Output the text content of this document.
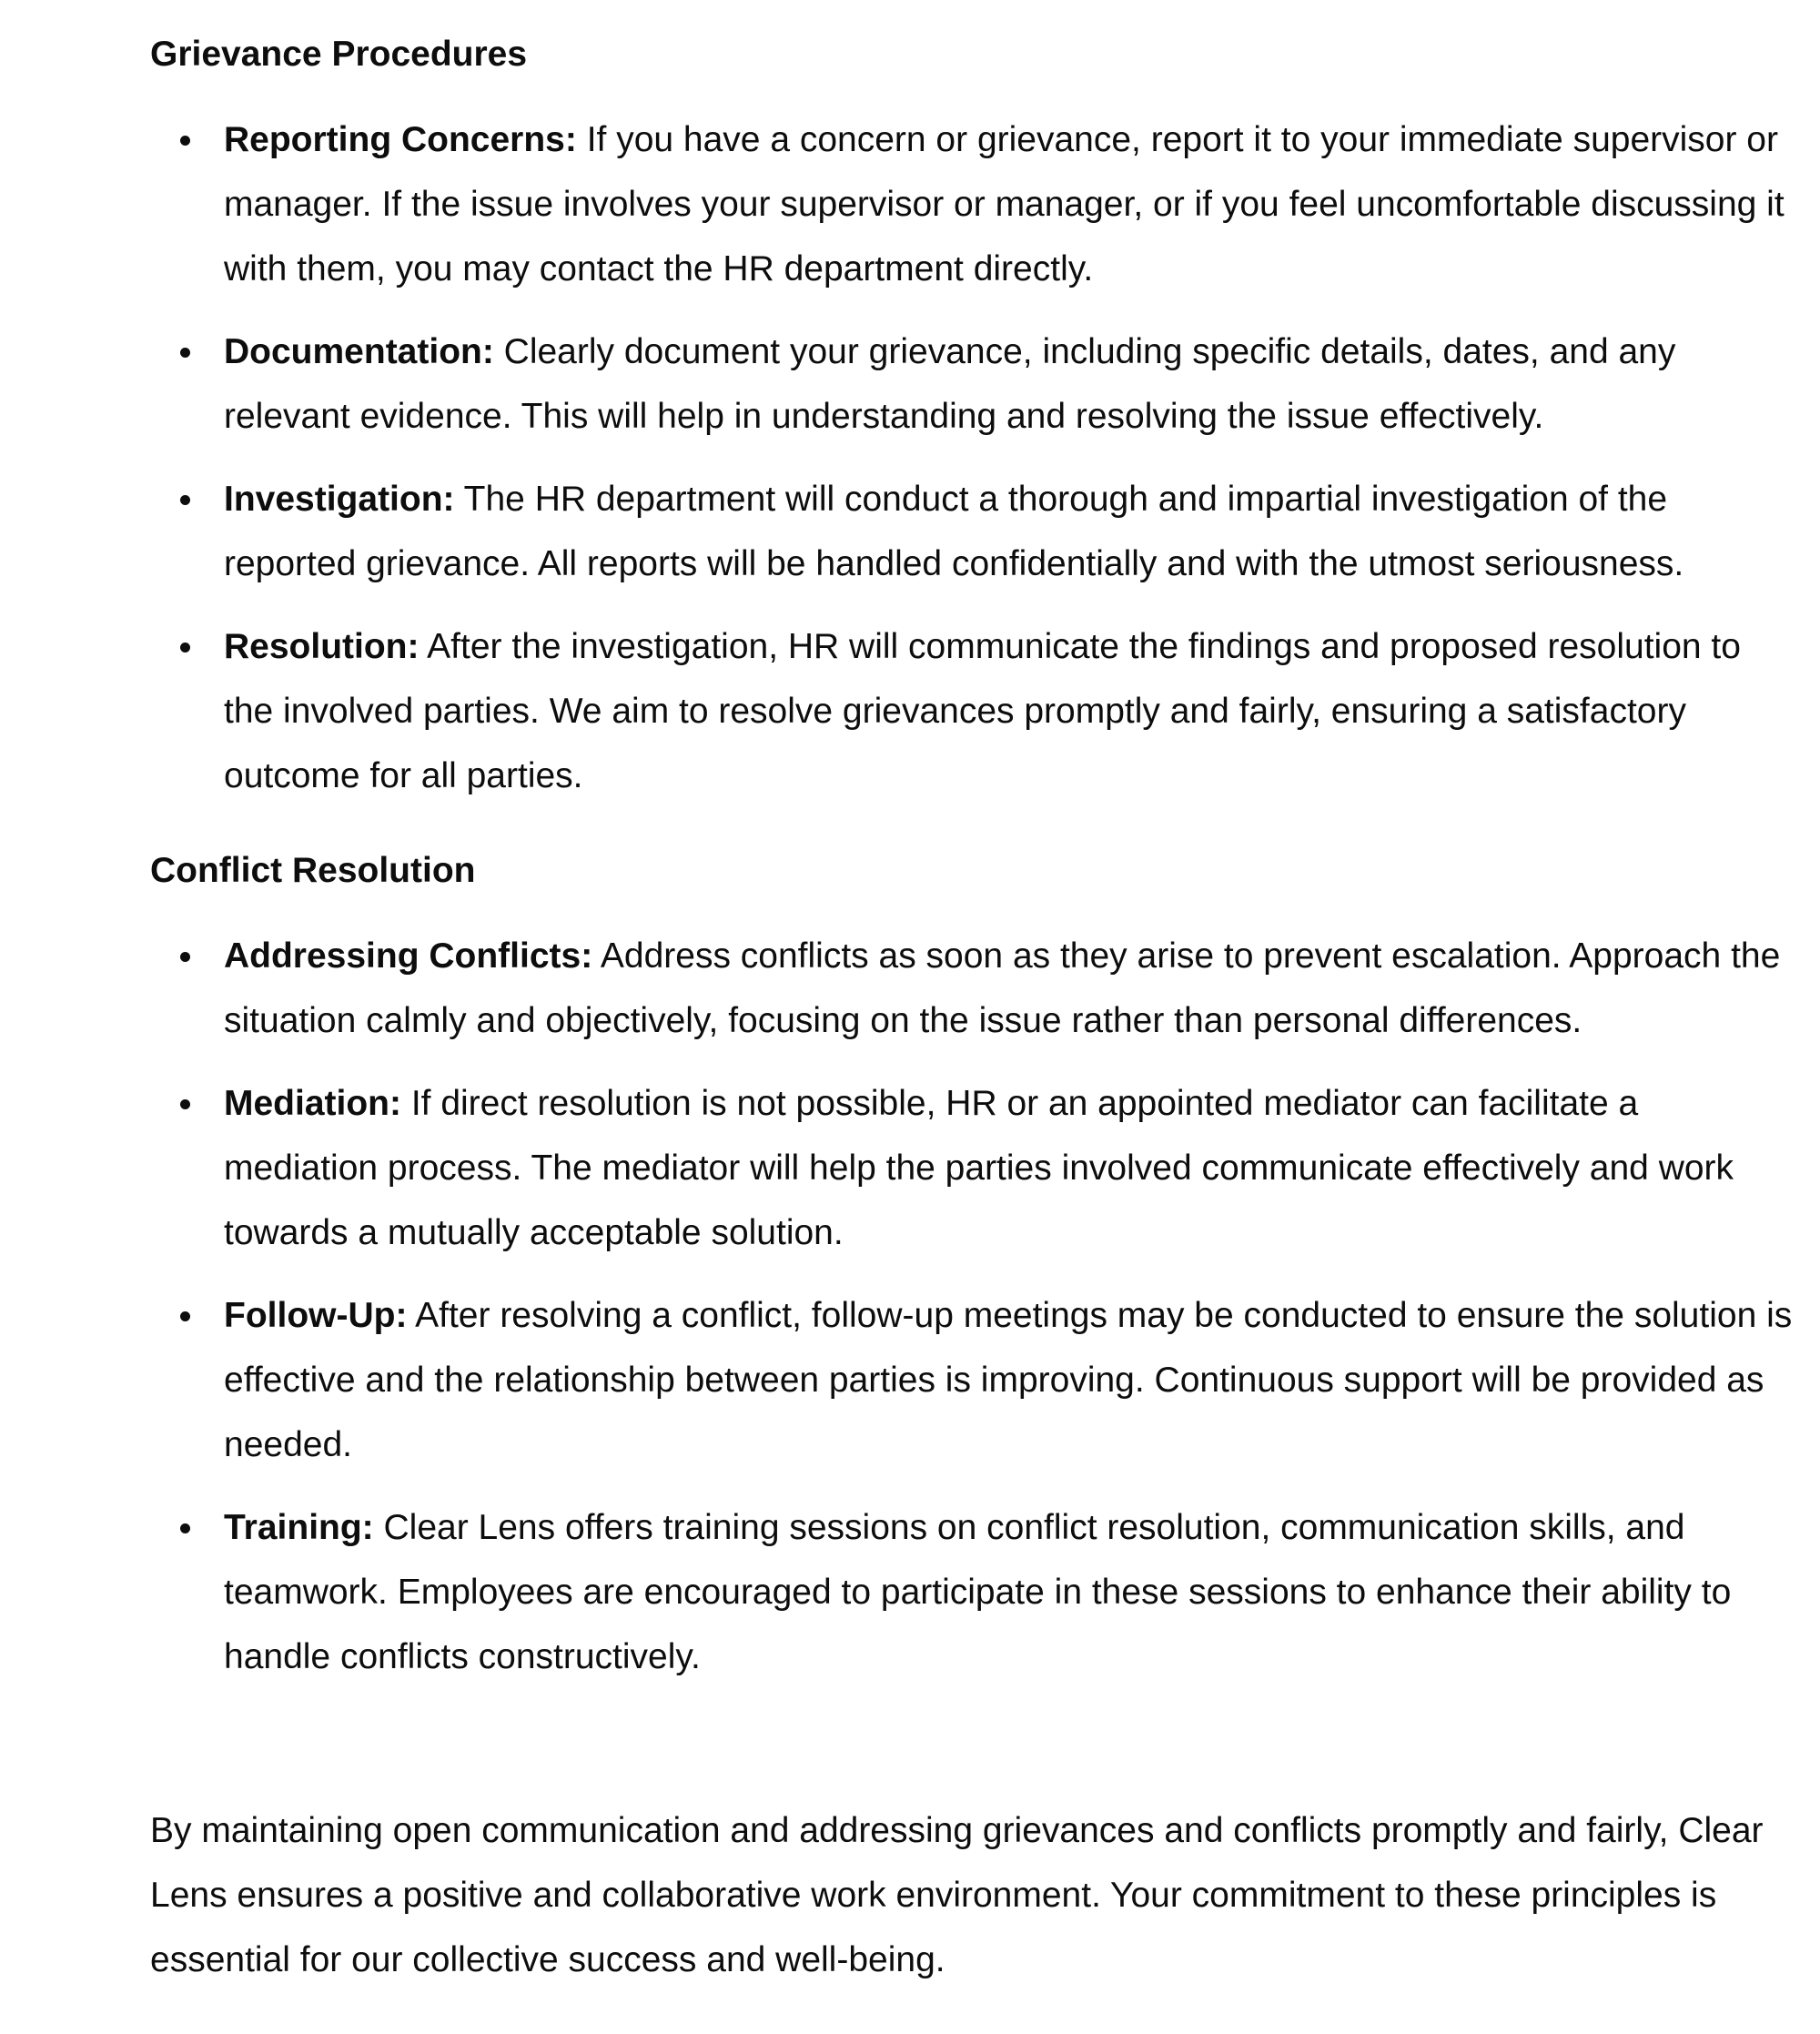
Grievance Procedures
Reporting Concerns: If you have a concern or grievance, report it to your immediate supervisor or manager. If the issue involves your supervisor or manager, or if you feel uncomfortable discussing it with them, you may contact the HR department directly.
Documentation: Clearly document your grievance, including specific details, dates, and any relevant evidence. This will help in understanding and resolving the issue effectively.
Investigation: The HR department will conduct a thorough and impartial investigation of the reported grievance. All reports will be handled confidentially and with the utmost seriousness.
Resolution: After the investigation, HR will communicate the findings and proposed resolution to the involved parties. We aim to resolve grievances promptly and fairly, ensuring a satisfactory outcome for all parties.
Conflict Resolution
Addressing Conflicts: Address conflicts as soon as they arise to prevent escalation. Approach the situation calmly and objectively, focusing on the issue rather than personal differences.
Mediation: If direct resolution is not possible, HR or an appointed mediator can facilitate a mediation process. The mediator will help the parties involved communicate effectively and work towards a mutually acceptable solution.
Follow-Up: After resolving a conflict, follow-up meetings may be conducted to ensure the solution is effective and the relationship between parties is improving. Continuous support will be provided as needed.
Training: Clear Lens offers training sessions on conflict resolution, communication skills, and teamwork. Employees are encouraged to participate in these sessions to enhance their ability to handle conflicts constructively.

By maintaining open communication and addressing grievances and conflicts promptly and fairly, Clear Lens ensures a positive and collaborative work environment. Your commitment to these principles is essential for our collective success and well-being.
